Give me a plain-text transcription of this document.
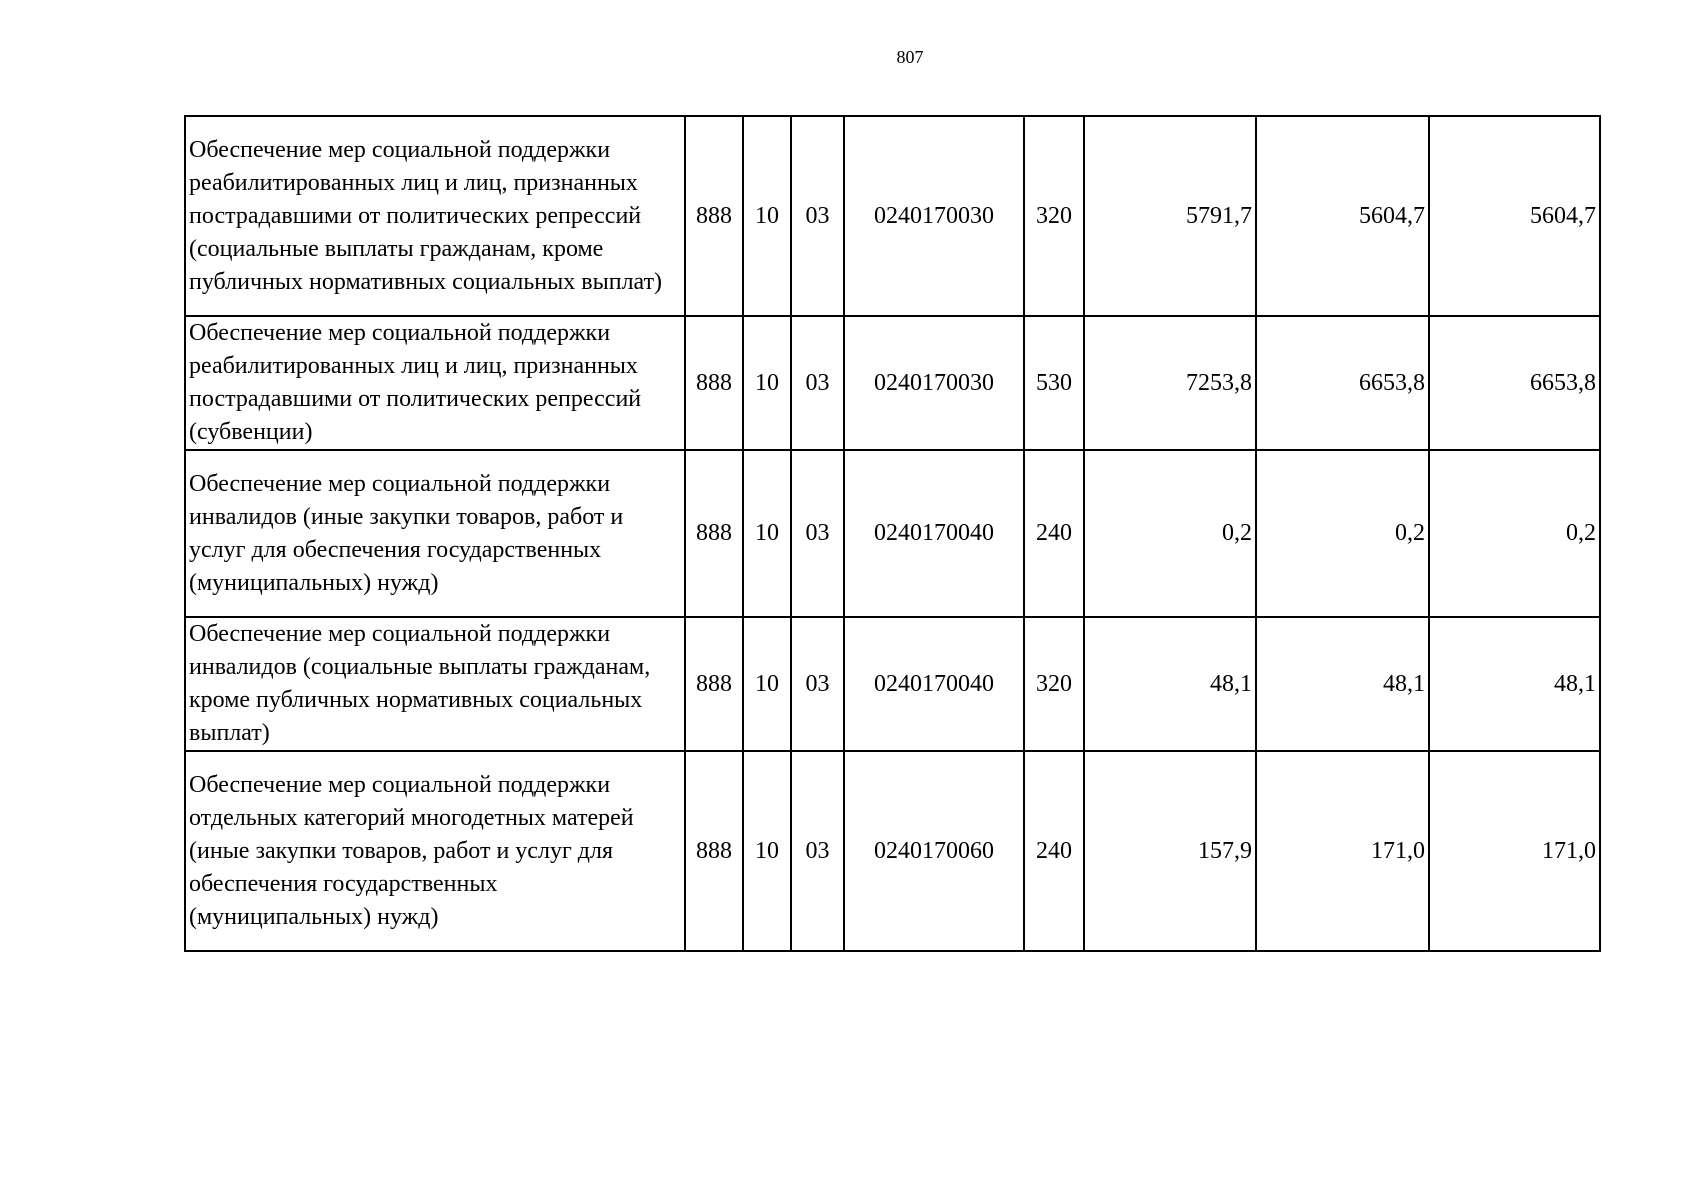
807
Обеспечение мер социальной поддержки реабилитированных лиц и лиц, признанных пострадавшими от политических репрессий (социальные выплаты гражданам, кроме публичных нормативных социальных выплат)	888	10	03	0240170030	320	5791,7	5604,7	5604,7
Обеспечение мер социальной поддержки реабилитированных лиц и лиц, признанных пострадавшими от политических репрессий (субвенции)	888	10	03	0240170030	530	7253,8	6653,8	6653,8
Обеспечение мер социальной поддержки инвалидов (иные закупки товаров, работ и услуг для обеспечения государственных (муниципальных) нужд)	888	10	03	0240170040	240	0,2	0,2	0,2
Обеспечение мер социальной поддержки инвалидов (социальные выплаты гражданам, кроме публичных нормативных социальных выплат)	888	10	03	0240170040	320	48,1	48,1	48,1
Обеспечение мер социальной поддержки отдельных категорий многодетных матерей (иные закупки товаров, работ и услуг для обеспечения государственных (муниципальных) нужд)	888	10	03	0240170060	240	157,9	171,0	171,0
